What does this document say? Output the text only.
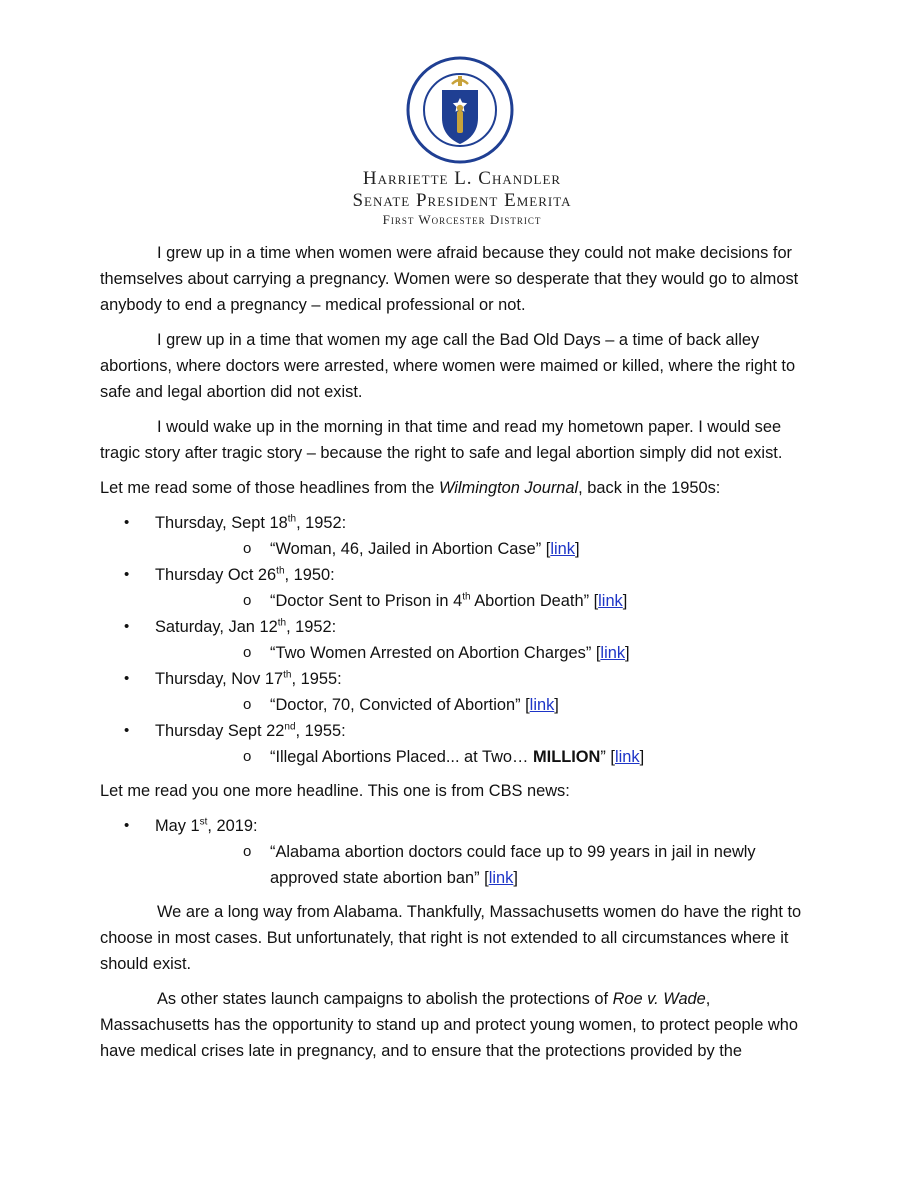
Harriette L. Chandler
Senate President Emerita
First Worcester District

I grew up in a time when women were afraid because they could not make decisions for themselves about carrying a pregnancy. Women were so desperate that they would go to almost anybody to end a pregnancy – medical professional or not.

I grew up in a time that women my age call the Bad Old Days – a time of back alley abortions, where doctors were arrested, where women were maimed or killed, where the right to safe and legal abortion did not exist.

I would wake up in the morning in that time and read my hometown paper. I would see tragic story after tragic story – because the right to safe and legal abortion simply did not exist.

Let me read some of those headlines from the Wilmington Journal, back in the 1950s:

• Thursday, Sept 18th, 1952:
o “Woman, 46, Jailed in Abortion Case” [link]
• Thursday Oct 26th, 1950:
o “Doctor Sent to Prison in 4th Abortion Death” [link]
• Saturday, Jan 12th, 1952:
o “Two Women Arrested on Abortion Charges” [link]
• Thursday, Nov 17th, 1955:
o “Doctor, 70, Convicted of Abortion” [link]
• Thursday Sept 22nd, 1955:
o “Illegal Abortions Placed... at Two… MILLION” [link]

Let me read you one more headline. This one is from CBS news:

• May 1st, 2019:
o “Alabama abortion doctors could face up to 99 years in jail in newly approved state abortion ban” [link]

We are a long way from Alabama. Thankfully, Massachusetts women do have the right to choose in most cases. But unfortunately, that right is not extended to all circumstances where it should exist.

As other states launch campaigns to abolish the protections of Roe v. Wade, Massachusetts has the opportunity to stand up and protect young women, to protect people who have medical crises late in pregnancy, and to ensure that the protections provided by the
